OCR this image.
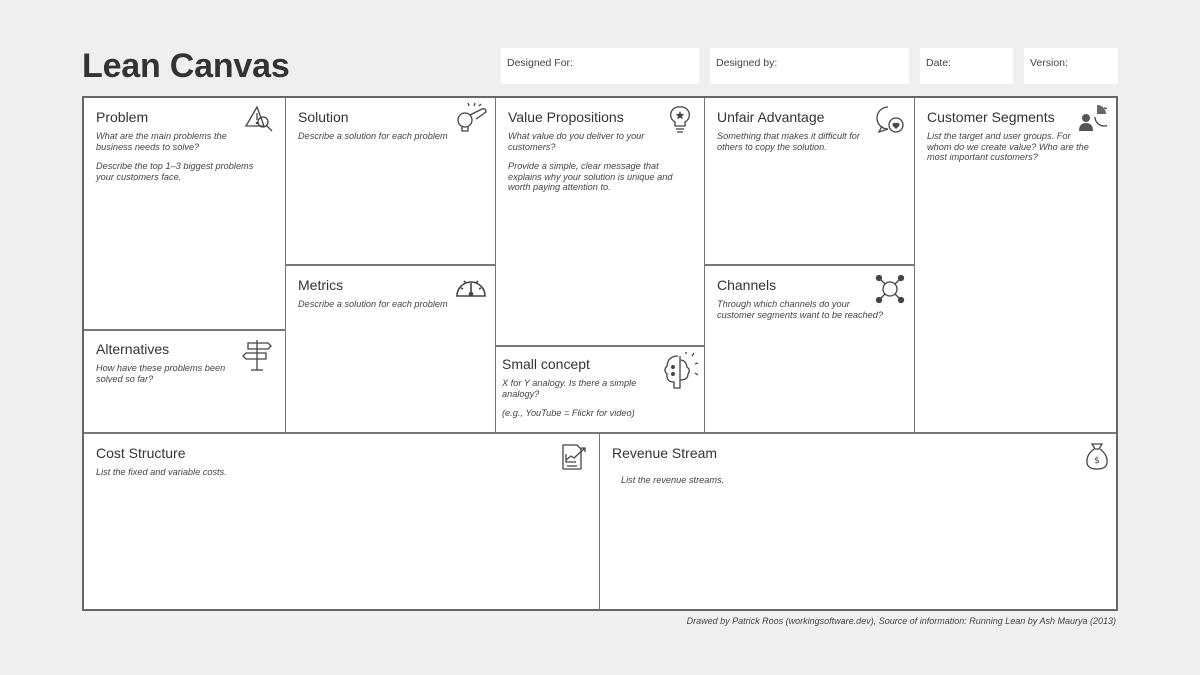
Lean Canvas	Designed For:	Designed by:	Date:	Version:
Problem
What are the main problems the business needs to solve?
Describe the top 1–3 biggest problems your customers face.
Alternatives
How have these problems been solved so far?
Solution
Describe a solution for each problem
Metrics
Describe a solution for each problem
Value Propositions
What value do you deliver to your customers?
Provide a simple, clear message that explains why your solution is unique and worth paying attention to.
Small concept
X for Y analogy. Is there a simple analogy?
(e.g., YouTube = Flickr for video)
Unfair Advantage
Something that makes it difficult for others to copy the solution.
Channels
Through which channels do your customer segments want to be reached?
Customer Segments
List the target and user groups. For whom do we create value? Who are the most important customers?
Cost Structure
List the fixed and variable costs.
Revenue Stream
List the revenue streams.
$
Drawed by Patrick Roos (workingsoftware.dev), Source of information: Running Lean by Ash Maurya (2013)
